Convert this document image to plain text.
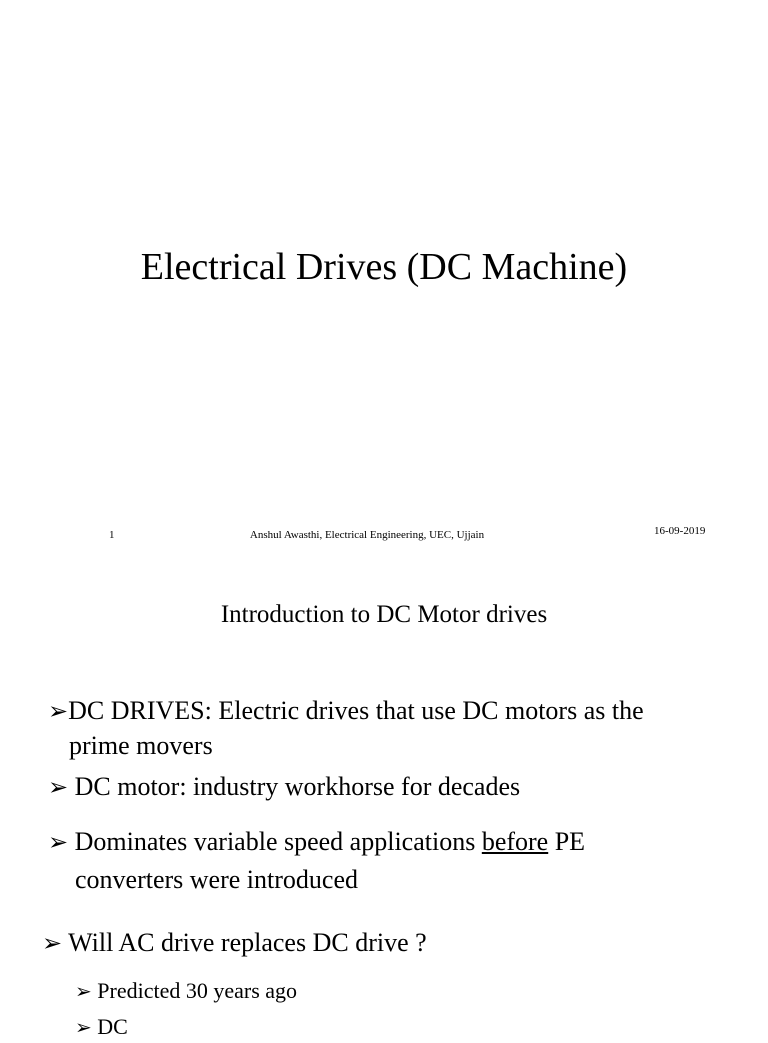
Electrical Drives (DC Machine)
1	Anshul Awasthi, Electrical Engineering, UEC, Ujjain	16-09-2019
Introduction to DC Motor drives
➢DC DRIVES: Electric drives that use DC motors as the
prime movers
➢ DC motor: industry workhorse for decades
➢ Dominates variable speed applications before PE
converters were introduced
➢ Will AC drive replaces DC drive ?
➢ Predicted 30 years ago
➢ DC
